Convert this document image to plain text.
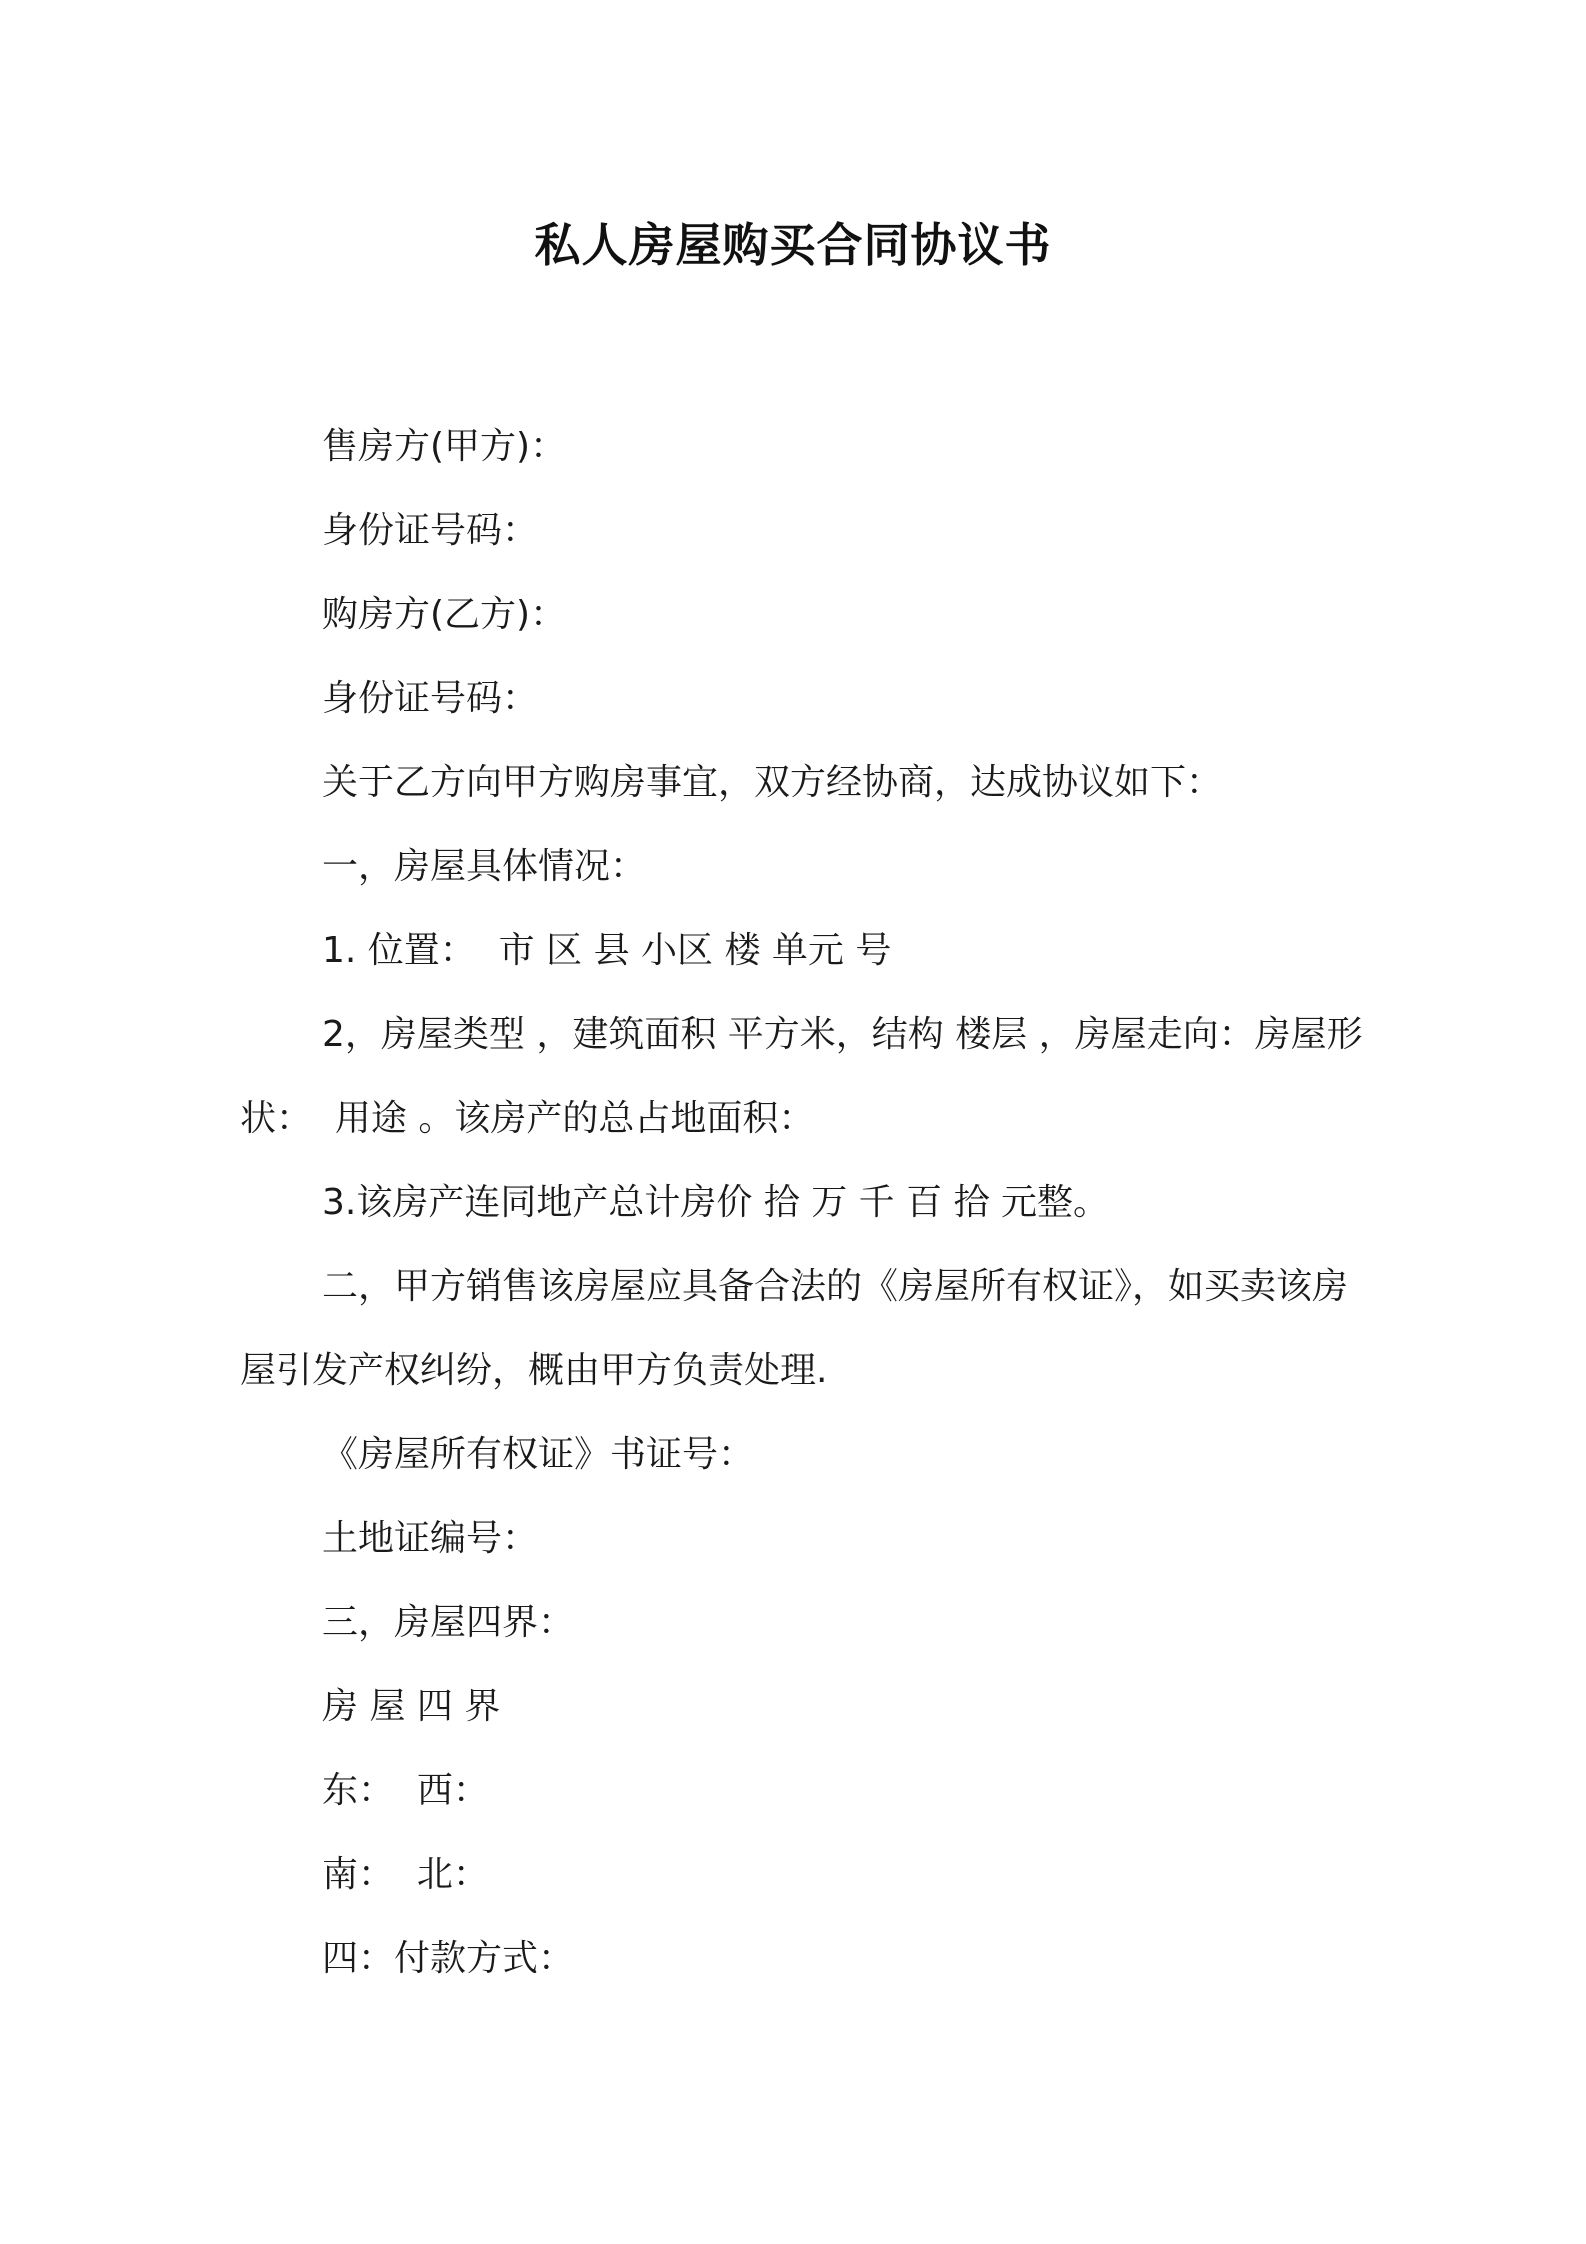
私人房屋购买合同协议书

售房方(甲方)：

身份证号码：

购房方(乙方)：

身份证号码：

关于乙方向甲方购房事宜，双方经协商，达成协议如下：

一，房屋具体情况：

1. 位置：  市 区 县 小区 楼 单元 号

2，房屋类型 ，建筑面积 平方米，结构 楼层 ，房屋走向：房屋形状：  用途 。该房产的总占地面积：

3.该房产连同地产总计房价 拾 万 千 百 拾 元整。

二，甲方销售该房屋应具备合法的《房屋所有权证》，如买卖该房屋引发产权纠纷，概由甲方负责处理.

《房屋所有权证》书证号：

土地证编号：

三，房屋四界：

房 屋 四 界

东：  西：

南：  北：

四：付款方式：
